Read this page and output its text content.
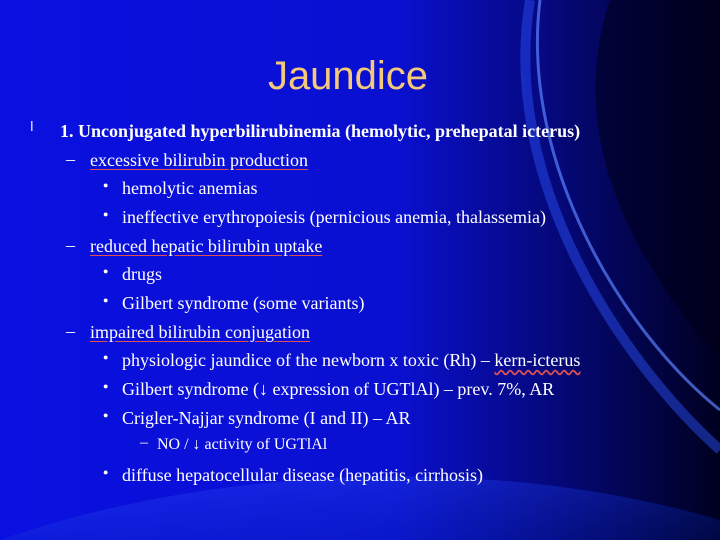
Jaundice
l 1. Unconjugated hyperbilirubinemia (hemolytic, prehepatal icterus)
– excessive bilirubin production
● hemolytic anemias
● ineffective erythropoiesis (pernicious anemia, thalassemia)
– reduced hepatic bilirubin uptake
● drugs
● Gilbert syndrome (some variants)
– impaired bilirubin conjugation
● physiologic jaundice of the newborn x toxic (Rh) – kern-icterus
● Gilbert syndrome (↓ expression of UGTlAl) – prev. 7%, AR
● Crigler-Najjar syndrome (I and II) – AR
– NO / ↓ activity of UGTlAl
● diffuse hepatocellular disease (hepatitis, cirrhosis)
